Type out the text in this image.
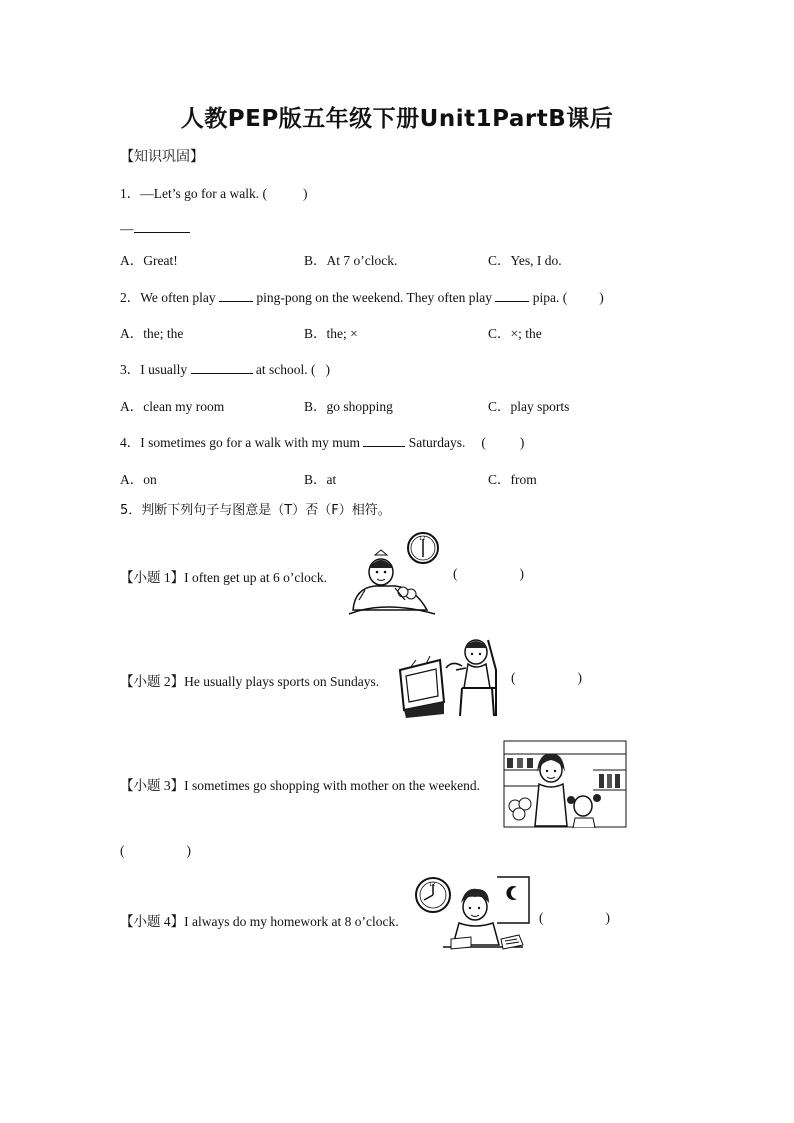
人教PEP版五年级下册Unit1PartB课后
【知识巩固】
1．—Let’s go for a walk. (	)
—
A．Great!	B．At 7 o’clock.	C．Yes, I do.
2．We often play	ping-pong on the weekend. They often play	pipa. ( )
A．the; the	B．the; ×	C．×; the
3．I usually	at school. ( )
A．clean my room	B．go shopping	C．play sports
4．I sometimes go for a walk with my mum	Saturdays. (	)
A．on	B．at	C．from
5．判断下列句子与图意是（T）否（F）相符。
【小题 1】I often get up at 6 o’clock.	(	)
12
【小题 2】He usually plays sports on Sundays.	(	)
【小题 3】I sometimes go shopping with mother on the weekend.
(	)
【小题 4】I always do my homework at 8 o’clock.	(	)
12
